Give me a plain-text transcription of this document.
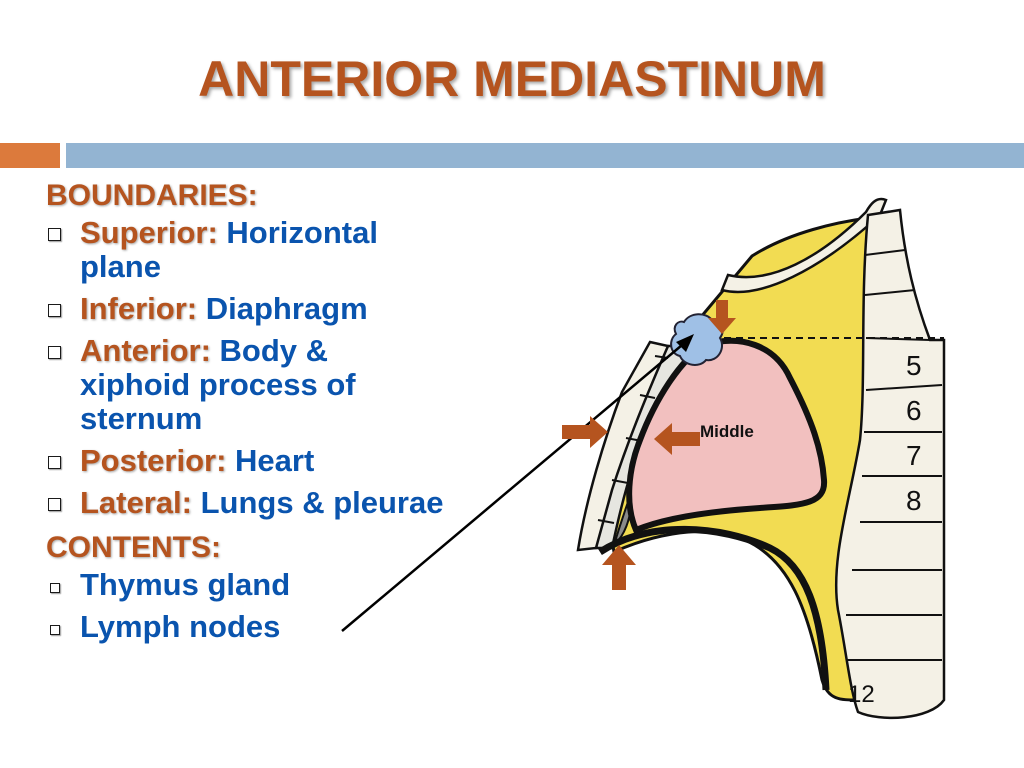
ANTERIOR MEDIASTINUM
BOUNDARIES:
Superior: Horizontal plane
Inferior: Diaphragm
Anterior: Body & xiphoid process of sternum
Posterior: Heart
Lateral: Lungs & pleurae
CONTENTS:
Thymus gland
Lymph nodes
Middle
5
6
7
8
12
